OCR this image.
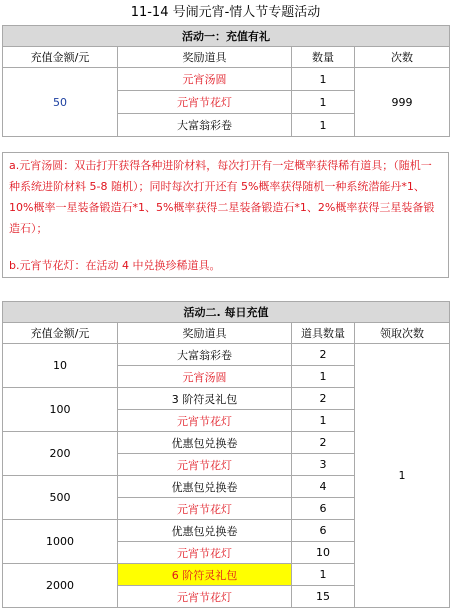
11-14 号闹元宵-情人节专题活动
活动一：充值有礼			
充值金额/元	奖励道具	数量	次数
50	元宵汤圆	1	999
	元宵节花灯	1	
	大富翁彩卷	1	

a.元宵汤圆：双击打开获得各种进阶材料，每次打开有一定概率获得稀有道具；（随机一种系统进阶材料 5-8 随机）；同时每次打开还有 5%概率获得随机一种系统潜能丹*1、10%概率一星装备锻造石*1、5%概率获得二星装备锻造石*1、2%概率获得三星装备锻造石）；

b.元宵节花灯：在活动 4 中兑换珍稀道具。

活动二. 每日充值			
充值金额/元	奖励道具	道具数量	领取次数
10	大富翁彩卷	2	1
	元宵汤圆	1	
100	3 阶符灵礼包	2	
	元宵节花灯	1	
200	优惠包兑换卷	2	
	元宵节花灯	3	
500	优惠包兑换卷	4	
	元宵节花灯	6	
1000	优惠包兑换卷	6	
	元宵节花灯	10	
2000	6 阶符灵礼包	1	
	元宵节花灯	15	
